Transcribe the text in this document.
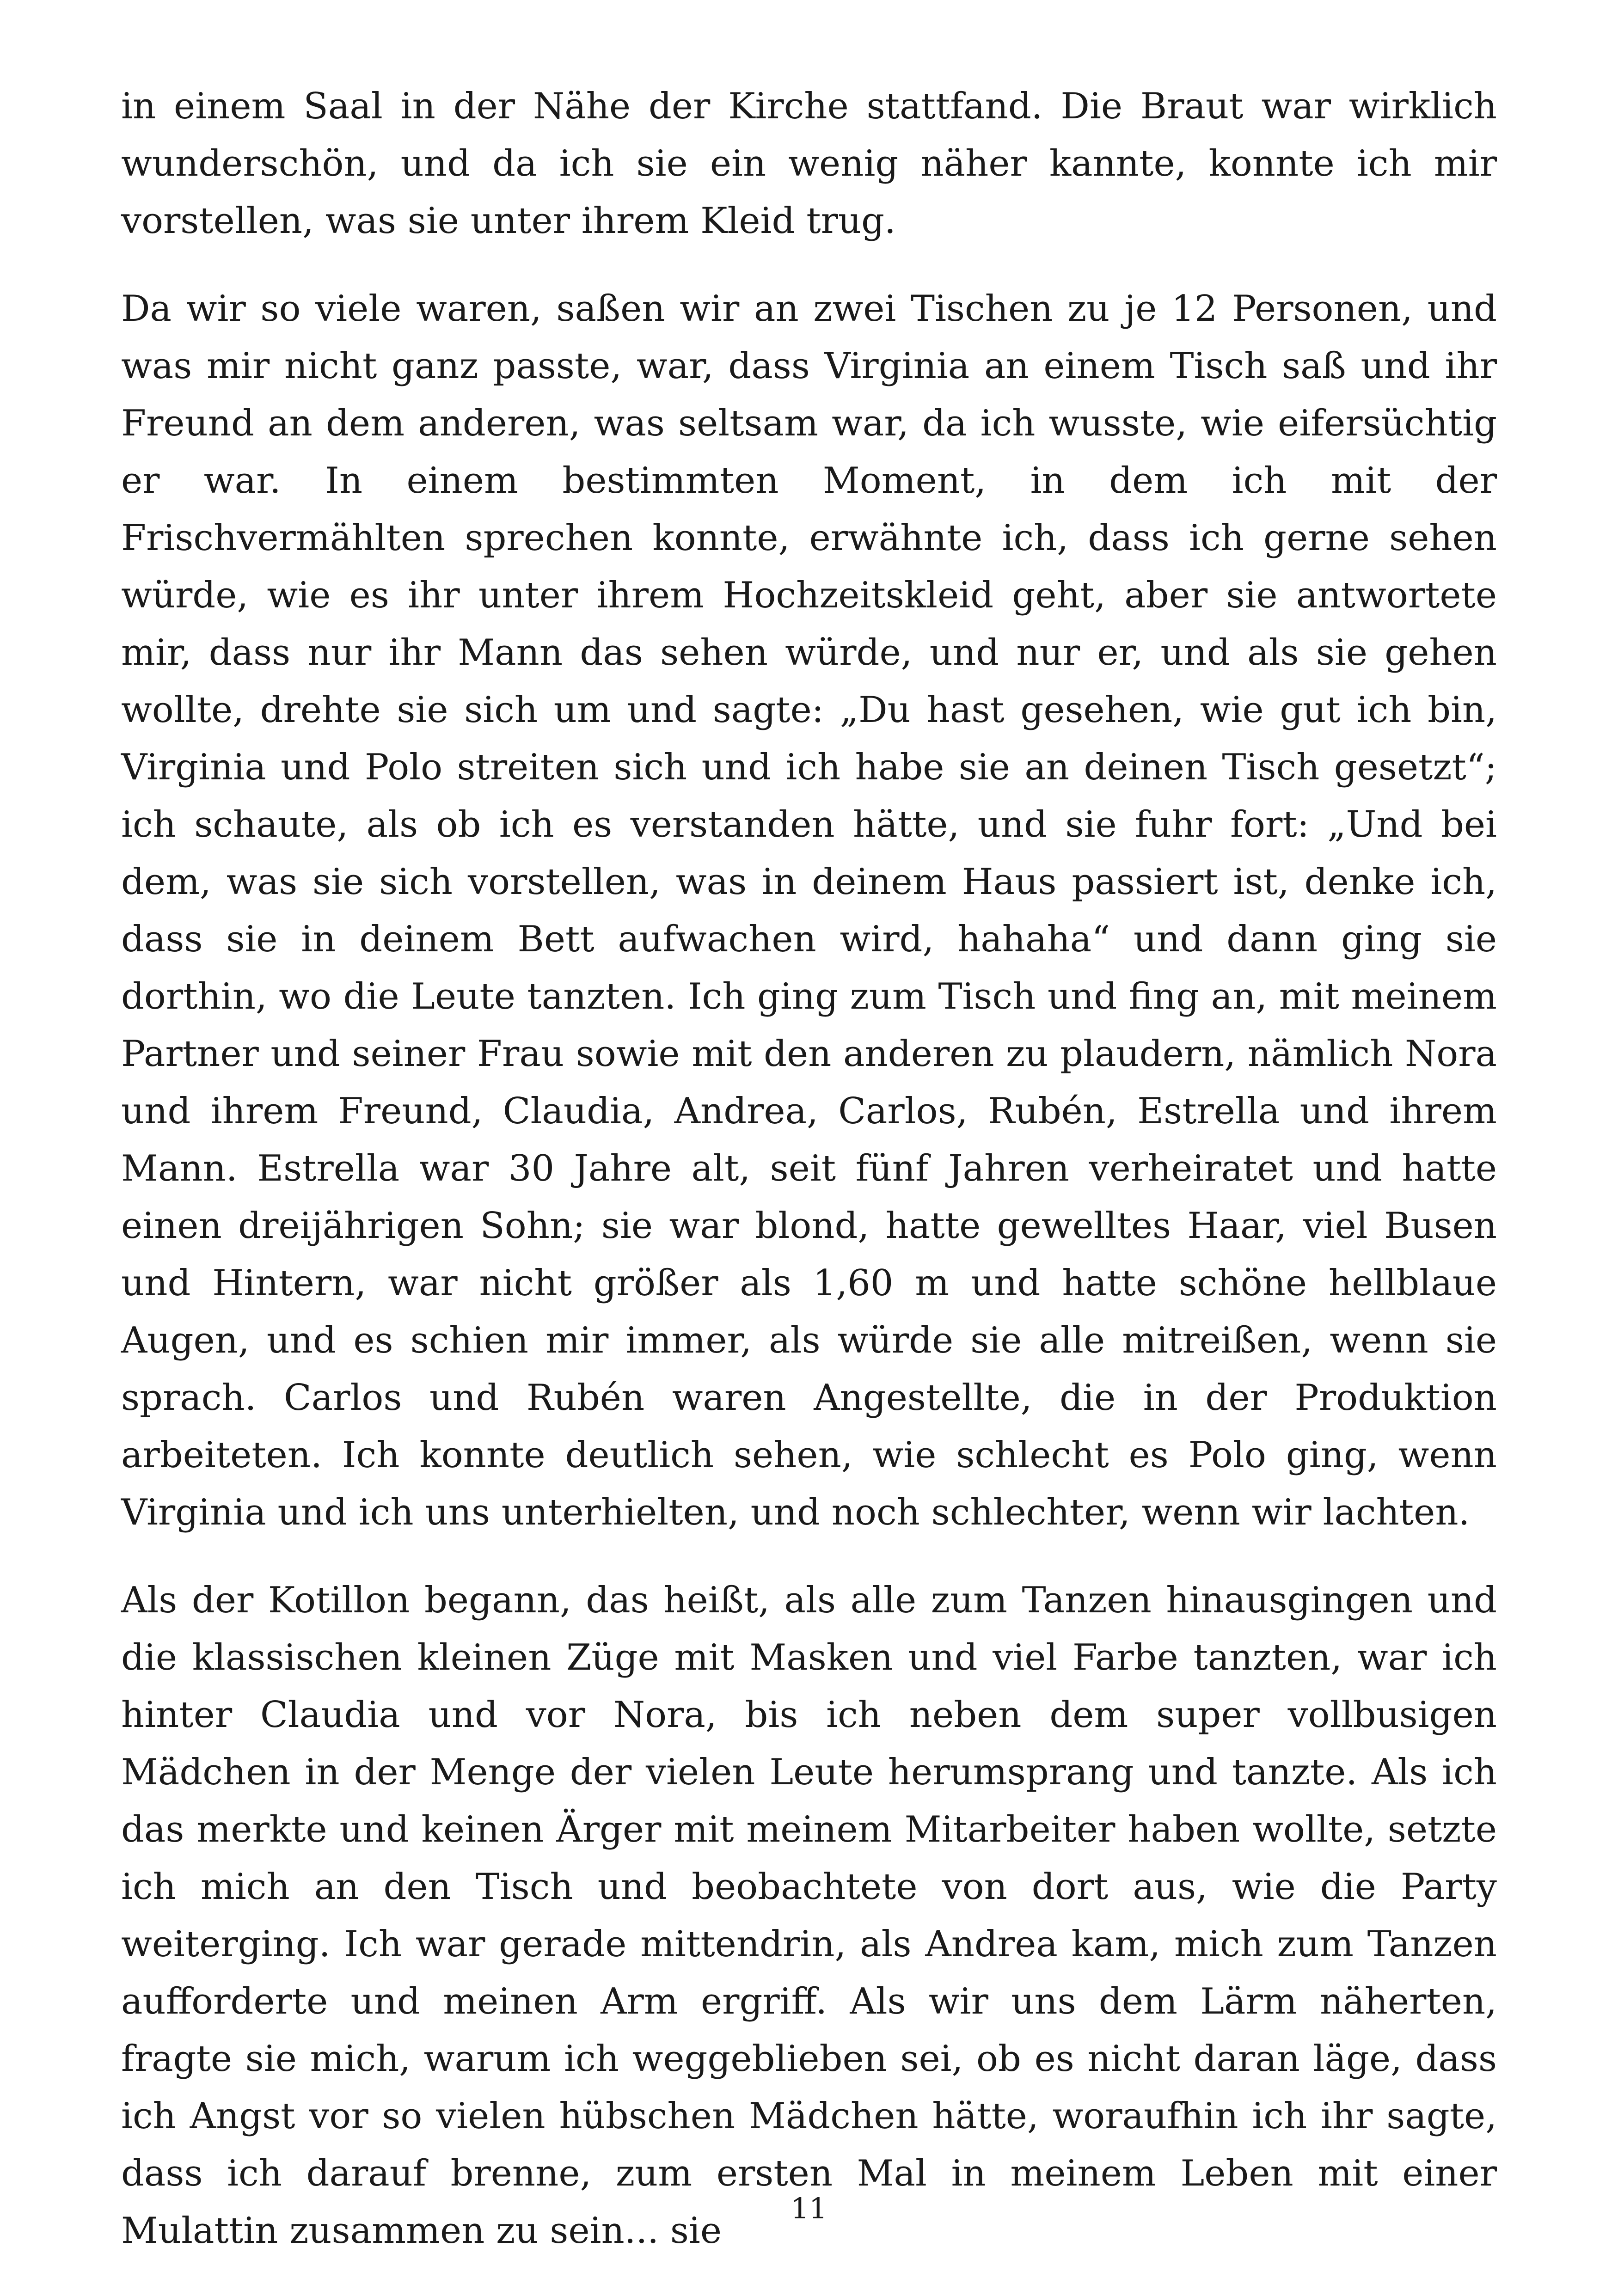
in einem Saal in der Nähe der Kirche stattfand. Die Braut war wirklich wunderschön, und da ich sie ein wenig näher kannte, konnte ich mir vorstellen, was sie unter ihrem Kleid trug.

Da wir so viele waren, saßen wir an zwei Tischen zu je 12 Personen, und was mir nicht ganz passte, war, dass Virginia an einem Tisch saß und ihr Freund an dem anderen, was seltsam war, da ich wusste, wie eifersüchtig er war. In einem bestimmten Moment, in dem ich mit der Frischvermählten sprechen konnte, erwähnte ich, dass ich gerne sehen würde, wie es ihr unter ihrem Hochzeitskleid geht, aber sie antwortete mir, dass nur ihr Mann das sehen würde, und nur er, und als sie gehen wollte, drehte sie sich um und sagte: „Du hast gesehen, wie gut ich bin, Virginia und Polo streiten sich und ich habe sie an deinen Tisch gesetzt“; ich schaute, als ob ich es verstanden hätte, und sie fuhr fort: „Und bei dem, was sie sich vorstellen, was in deinem Haus passiert ist, denke ich, dass sie in deinem Bett aufwachen wird, hahaha“ und dann ging sie dorthin, wo die Leute tanzten. Ich ging zum Tisch und fing an, mit meinem Partner und seiner Frau sowie mit den anderen zu plaudern, nämlich Nora und ihrem Freund, Claudia, Andrea, Carlos, Rubén, Estrella und ihrem Mann. Estrella war 30 Jahre alt, seit fünf Jahren verheiratet und hatte einen dreijährigen Sohn; sie war blond, hatte gewelltes Haar, viel Busen und Hintern, war nicht größer als 1,60 m und hatte schöne hellblaue Augen, und es schien mir immer, als würde sie alle mitreißen, wenn sie sprach. Carlos und Rubén waren Angestellte, die in der Produktion arbeiteten. Ich konnte deutlich sehen, wie schlecht es Polo ging, wenn Virginia und ich uns unterhielten, und noch schlechter, wenn wir lachten.

Als der Kotillon begann, das heißt, als alle zum Tanzen hinausgingen und die klassischen kleinen Züge mit Masken und viel Farbe tanzten, war ich hinter Claudia und vor Nora, bis ich neben dem super vollbusigen Mädchen in der Menge der vielen Leute herumsprang und tanzte. Als ich das merkte und keinen Ärger mit meinem Mitarbeiter haben wollte, setzte ich mich an den Tisch und beobachtete von dort aus, wie die Party weiterging. Ich war gerade mittendrin, als Andrea kam, mich zum Tanzen aufforderte und meinen Arm ergriff. Als wir uns dem Lärm näherten, fragte sie mich, warum ich weggeblieben sei, ob es nicht daran läge, dass ich Angst vor so vielen hübschen Mädchen hätte, woraufhin ich ihr sagte, dass ich darauf brenne, zum ersten Mal in meinem Leben mit einer Mulattin zusammen zu sein... sie

11
